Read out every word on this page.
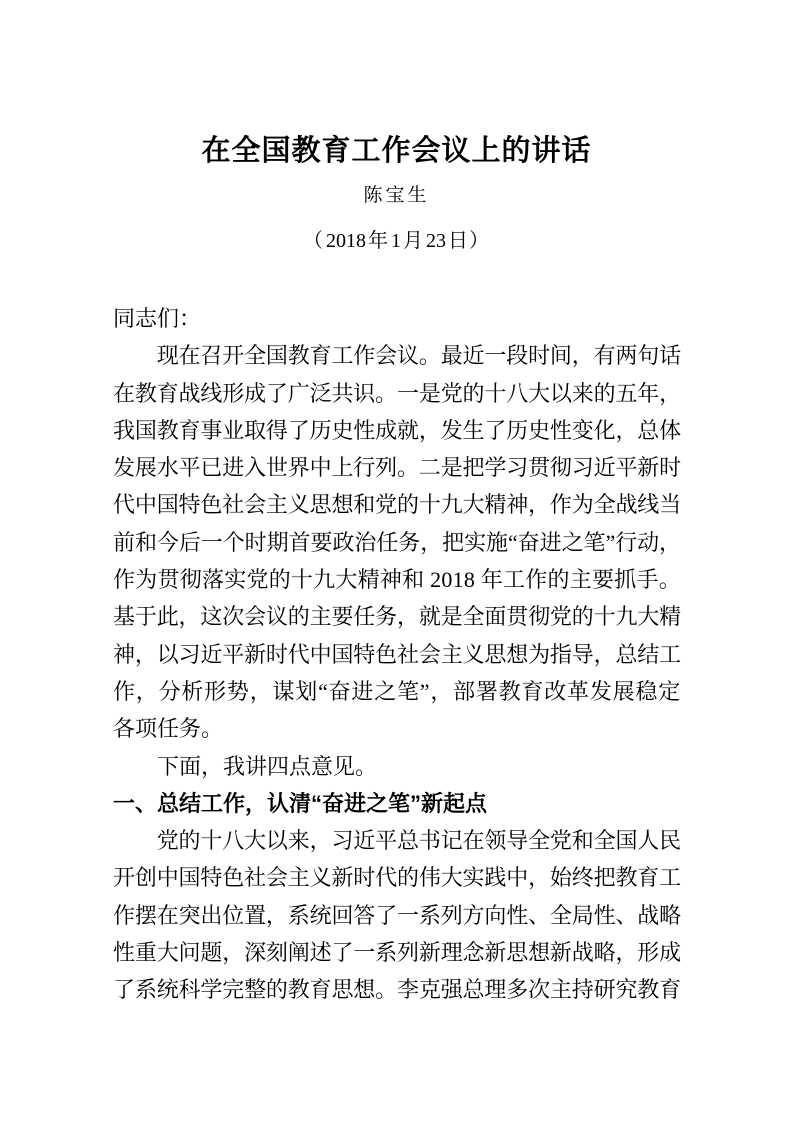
在全国教育工作会议上的讲话
陈宝生
（ 2018 年 1 月 23 日）
同志们：
  现在召开全国教育工作会议。最近一段时间，有两句话
在教育战线形成了广泛共识。一是党的十八大以来的五年，
我国教育事业取得了历史性成就，发生了历史性变化，总体
发展水平已进入世界中上行列。二是把学习贯彻习近平新时
代中国特色社会主义思想和党的十九大精神，作为全战线当
前和今后一个时期首要政治任务，把实施“奋进之笔”行动，
作为贯彻落实党的十九大精神和 2018 年工作的主要抓手。
基于此，这次会议的主要任务，就是全面贯彻党的十九大精
神，以习近平新时代中国特色社会主义思想为指导，总结工
作，分析形势，谋划“奋进之笔”，部署教育改革发展稳定
各项任务。
  下面，我讲四点意见。
一、总结工作，认清“奋进之笔”新起点
  党的十八大以来，习近平总书记在领导全党和全国人民
开创中国特色社会主义新时代的伟大实践中，始终把教育工
作摆在突出位置，系统回答了一系列方向性、全局性、战略
性重大问题，深刻阐述了一系列新理念新思想新战略，形成
了系统科学完整的教育思想。李克强总理多次主持研究教育
